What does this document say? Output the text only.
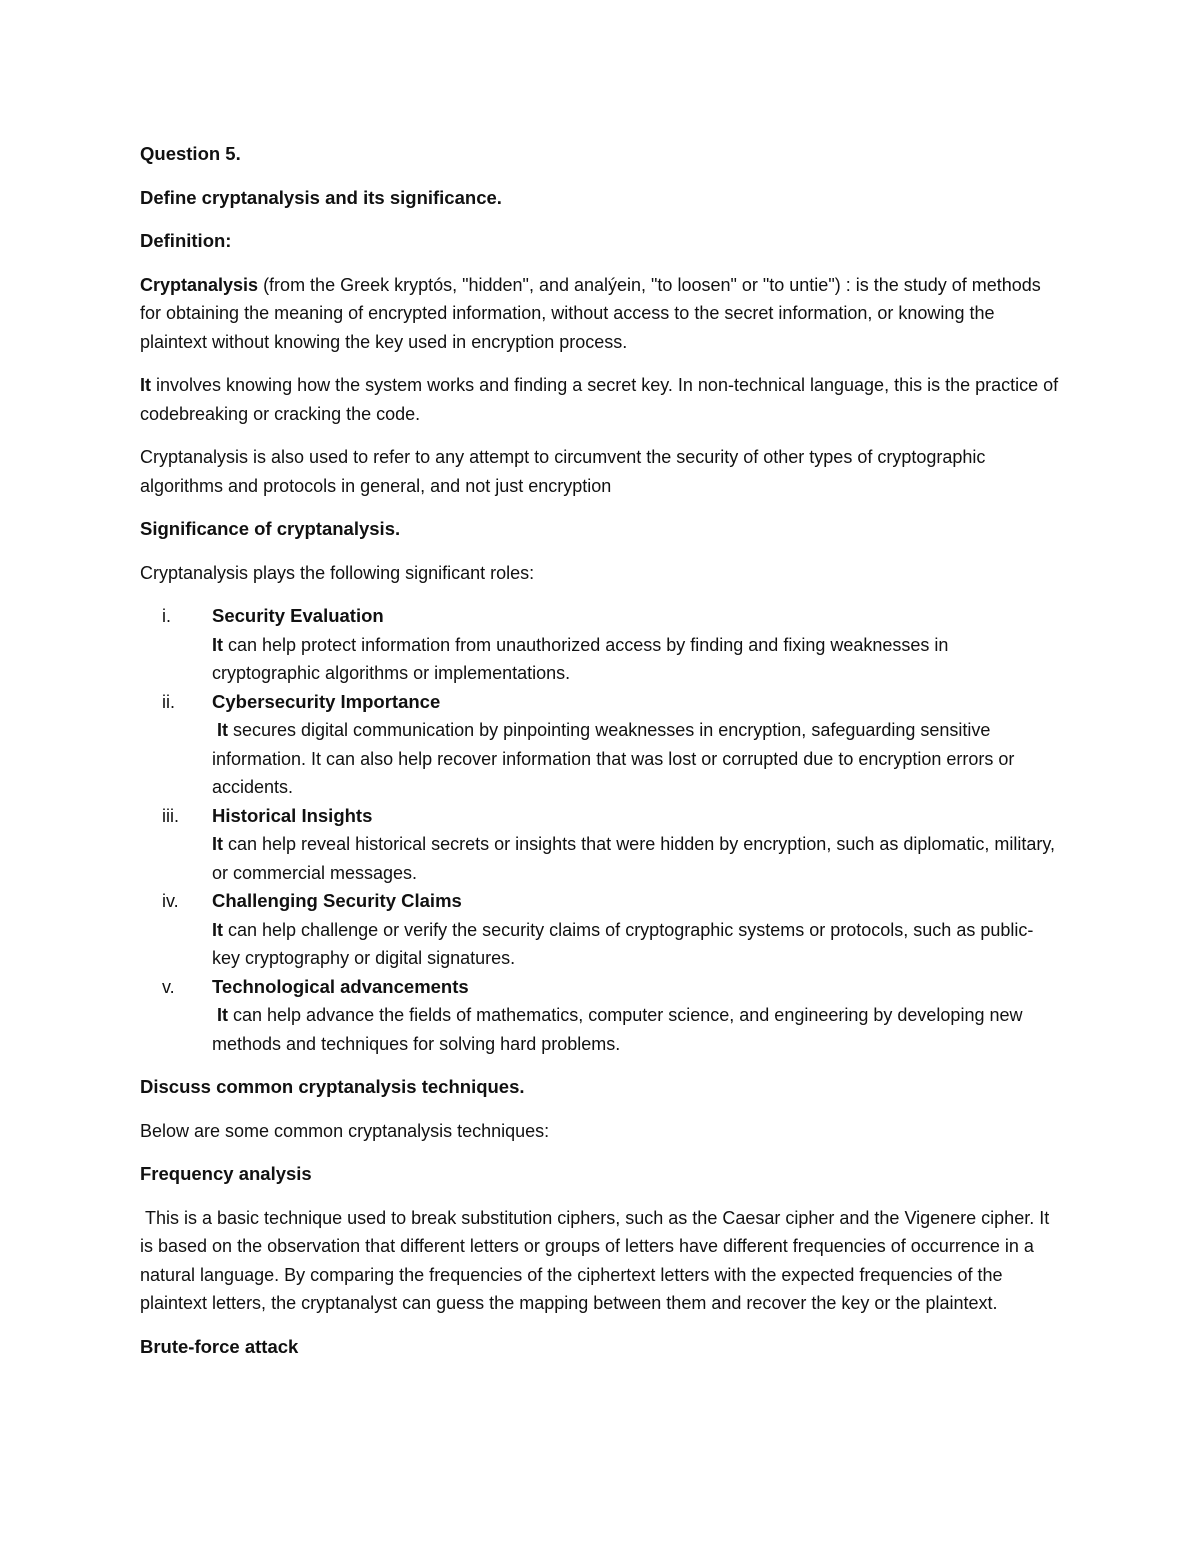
Question 5.

Define cryptanalysis and its significance.

Definition:

Cryptanalysis (from the Greek kryptós, "hidden", and analýein, "to loosen" or "to untie") : is the study of methods for obtaining the meaning of encrypted information, without access to the secret information, or knowing the plaintext without knowing the key used in encryption process.

It involves knowing how the system works and finding a secret key. In non-technical language, this is the practice of codebreaking or cracking the code.

Cryptanalysis is also used to refer to any attempt to circumvent the security of other types of cryptographic algorithms and protocols in general, and not just encryption

Significance of cryptanalysis.

Cryptanalysis plays the following significant roles:

i. Security Evaluation
It can help protect information from unauthorized access by finding and fixing weaknesses in cryptographic algorithms or implementations.
ii. Cybersecurity Importance
It secures digital communication by pinpointing weaknesses in encryption, safeguarding sensitive information. It can also help recover information that was lost or corrupted due to encryption errors or accidents.
iii. Historical Insights
It can help reveal historical secrets or insights that were hidden by encryption, such as diplomatic, military, or commercial messages.
iv. Challenging Security Claims
It can help challenge or verify the security claims of cryptographic systems or protocols, such as public-key cryptography or digital signatures.
v. Technological advancements
It can help advance the fields of mathematics, computer science, and engineering by developing new methods and techniques for solving hard problems.

Discuss common cryptanalysis techniques.

Below are some common cryptanalysis techniques:

Frequency analysis

This is a basic technique used to break substitution ciphers, such as the Caesar cipher and the Vigenere cipher. It is based on the observation that different letters or groups of letters have different frequencies of occurrence in a natural language. By comparing the frequencies of the ciphertext letters with the expected frequencies of the plaintext letters, the cryptanalyst can guess the mapping between them and recover the key or the plaintext.

Brute-force attack
